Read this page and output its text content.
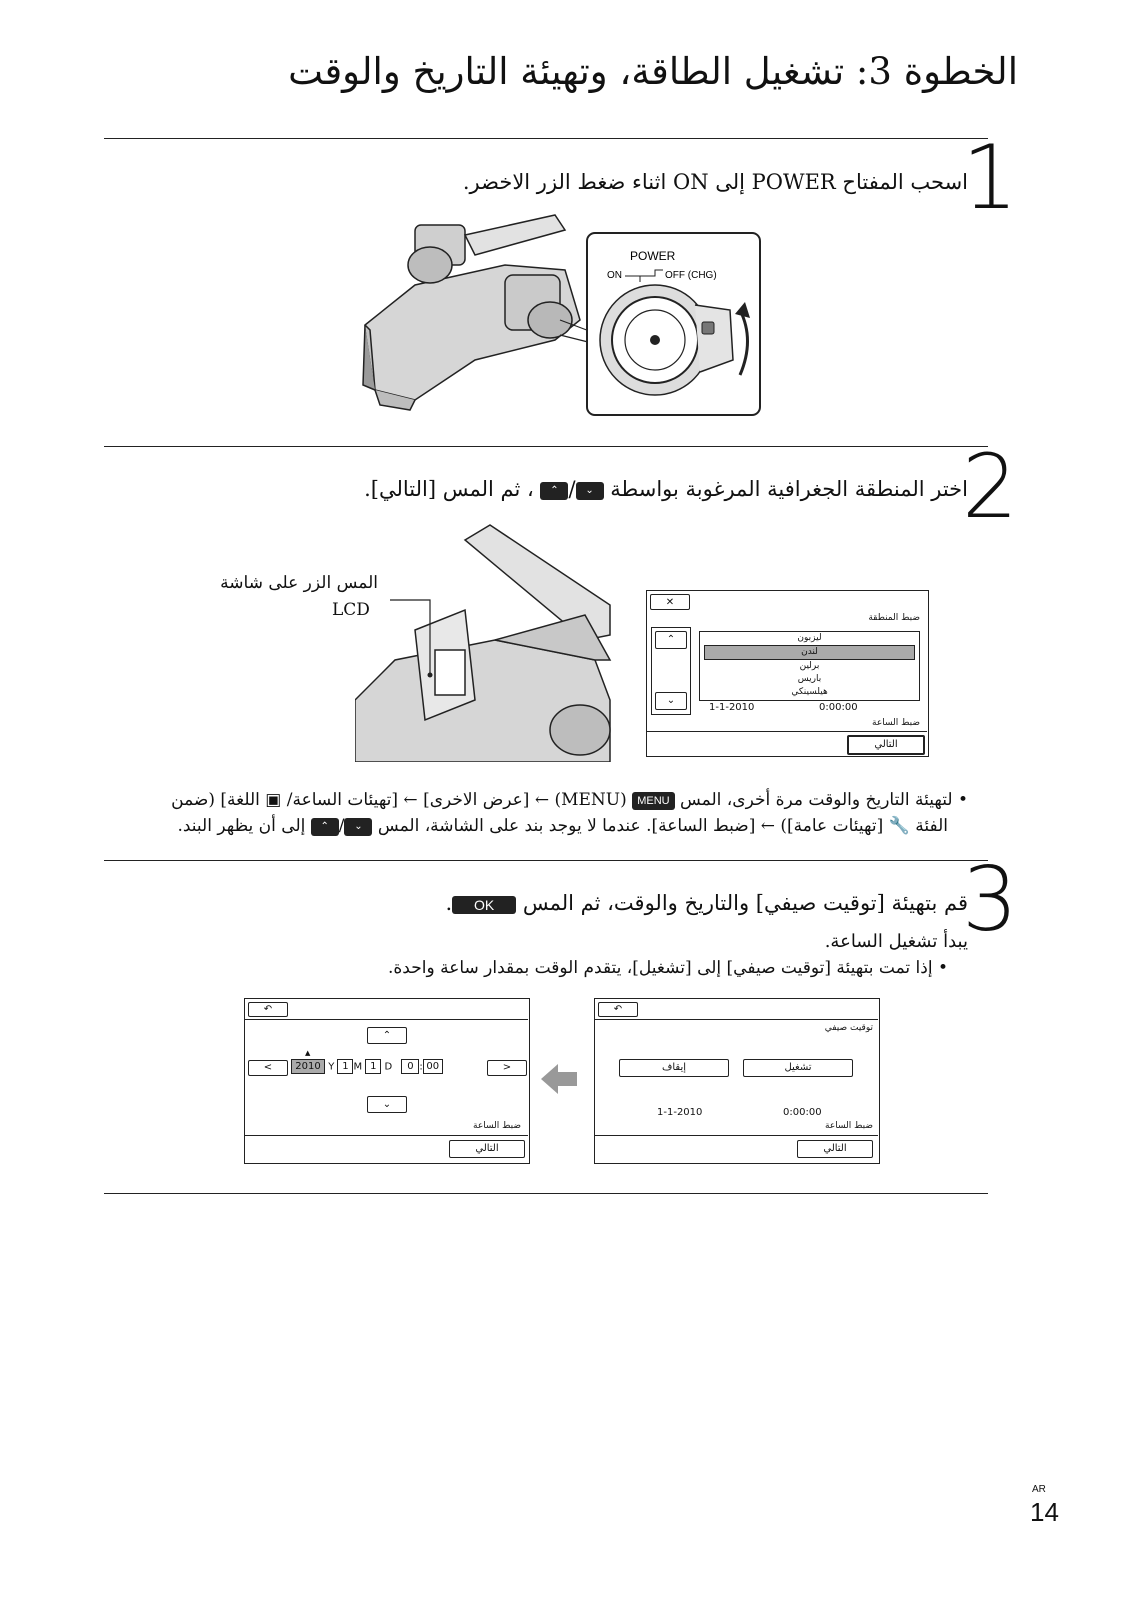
الخطوة 3: تشغيل الطاقة، وتهيئة التاريخ والوقت
1
اسحب المفتاح POWER إلى ON اثناء ضغط الزر الاخضر.
POWER
ON	OFF (CHG)
2
اختر المنطقة الجغرافية المرغوبة بواسطة ⌄/⌃ ، ثم المس [التالي].
المس الزر على شاشة
LCD	✕
ضبط المنطقة
⌃
⌄
ليزبون
لندن
برلين
باريس
هيلسينكي
1-1-2010	0:00:00
ضبط الساعة
التالي
• لتهيئة التاريخ والوقت مرة أخرى، المس MENU (MENU) ← [عرض الاخرى] ← [تهيئات الساعة/ ▣ اللغة] (ضمن
الفئة 🔧 [تهيئات عامة]) ← [ضبط الساعة]. عندما لا يوجد بند على الشاشة، المس ⌄/⌃ إلى أن يظهر البند.
3
قم بتهيئة [توقيت صيفي] والتاريخ والوقت، ثم المس OK.
يبدأ تشغيل الساعة.
• إذا تمت بتهيئة [توقيت صيفي] إلى [تشغيل]، يتقدم الوقت بمقدار ساعة واحدة.
↶
⌃
<	>
2010 Y 1 M 1 D 0 : 00
▲
⌄
ضبط الساعة
التالي
↶
توقيت صيفي
إيقاف	تشغيل
1-1-2010	0:00:00
ضبط الساعة
التالي
AR
14
